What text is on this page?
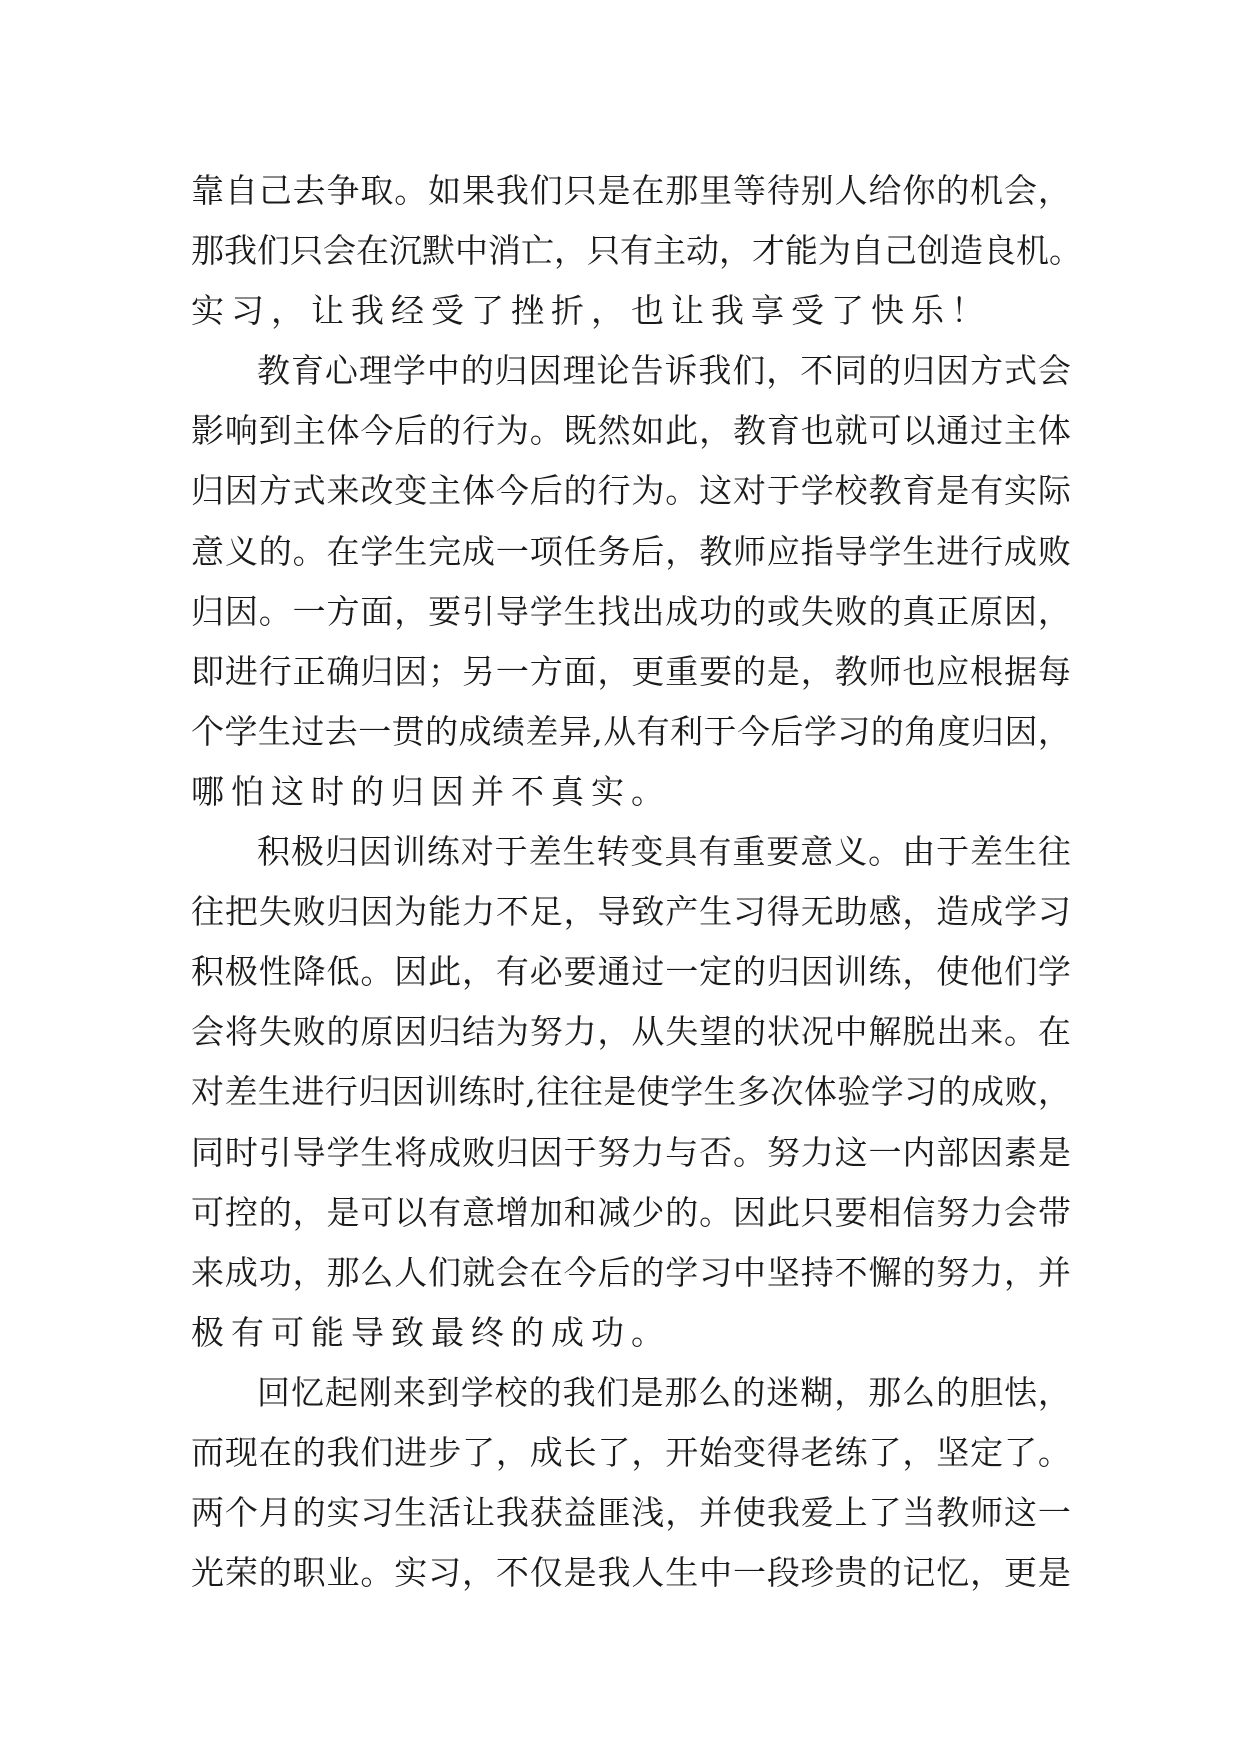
靠 自 己 去 争 取 。 如 果 我 们 只 是 在 那 里 等 待 别 人 给 你 的 机 会 ，
那 我 们 只 会 在 沉 默 中 消 亡 ， 只 有 主 动 ， 才 能 为 自 己 创 造 良 机 。
实 习 ， 让 我 经 受 了 挫 折 ， 也 让 我 享 受 了 快 乐 ！
教 育 心 理 学 中 的 归 因 理 论 告 诉 我 们 ， 不 同 的 归 因 方 式 会
影 响 到 主 体 今 后 的 行 为 。 既 然 如 此 ， 教 育 也 就 可 以 通 过 主 体
归 因 方 式 来 改 变 主 体 今 后 的 行 为 。 这 对 于 学 校 教 育 是 有 实 际
意 义 的 。 在 学 生 完 成 一 项 任 务 后 ， 教 师 应 指 导 学 生 进 行 成 败
归 因 。 一 方 面 ， 要 引 导 学 生 找 出 成 功 的 或 失 败 的 真 正 原 因 ，
即 进 行 正 确 归 因 ； 另 一 方 面 ， 更 重 要 的 是 ， 教 师 也 应 根 据 每
个 学 生 过 去 一 贯 的 成 绩 差 异 , 从 有 利 于 今 后 学 习 的 角 度 归 因 ，
哪 怕 这 时 的 归 因 并 不 真 实 。
积 极 归 因 训 练 对 于 差 生 转 变 具 有 重 要 意 义 。 由 于 差 生 往
往 把 失 败 归 因 为 能 力 不 足 ， 导 致 产 生 习 得 无 助 感 ， 造 成 学 习
积 极 性 降 低 。 因 此 ， 有 必 要 通 过 一 定 的 归 因 训 练 ， 使 他 们 学
会 将 失 败 的 原 因 归 结 为 努 力 ， 从 失 望 的 状 况 中 解 脱 出 来 。 在
对 差 生 进 行 归 因 训 练 时 , 往 往 是 使 学 生 多 次 体 验 学 习 的 成 败 ，
同 时 引 导 学 生 将 成 败 归 因 于 努 力 与 否 。 努 力 这 一 内 部 因 素 是
可 控 的 ， 是 可 以 有 意 增 加 和 减 少 的 。 因 此 只 要 相 信 努 力 会 带
来 成 功 ， 那 么 人 们 就 会 在 今 后 的 学 习 中 坚 持 不 懈 的 努 力 ， 并
极 有 可 能 导 致 最 终 的 成 功 。
回 忆 起 刚 来 到 学 校 的 我 们 是 那 么 的 迷 糊 ， 那 么 的 胆 怯 ，
而 现 在 的 我 们 进 步 了 ， 成 长 了 ， 开 始 变 得 老 练 了 ， 坚 定 了 。
两 个 月 的 实 习 生 活 让 我 获 益 匪 浅 ， 并 使 我 爱 上 了 当 教 师 这 一
光 荣 的 职 业 。 实 习 ， 不 仅 是 我 人 生 中 一 段 珍 贵 的 记 忆 ， 更 是
